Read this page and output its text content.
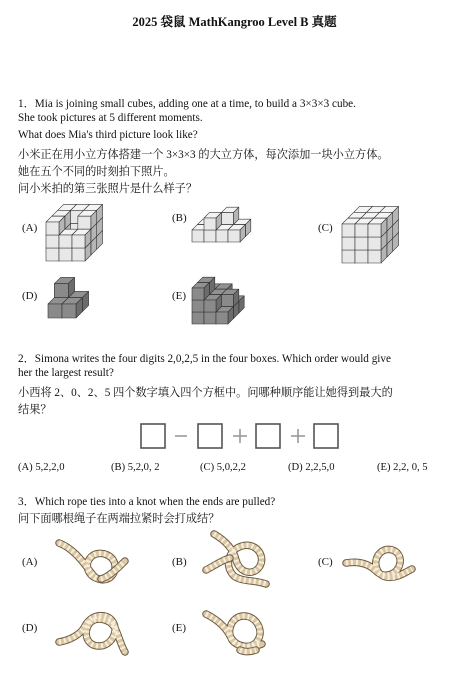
2025 袋鼠 MathKangroo Level B 真题
1．Mia is joining small cubes, adding one at a time, to build a 3×3×3 cube.
She took pictures at 5 different moments.
What does Mia's third picture look like?
小米正在用小立方体搭建一个 3×3×3 的大立方体，每次添加一块小立方体。
她在五个不同的时刻拍下照片。
问小米拍的第三张照片是什么样子？
(A)
(B)
(C)
(D)	(E)
2．Simona writes the four digits 2,0,2,5 in the four boxes. Which order would give
her the largest result?
小西将 2、0、2、5 四个数字填入四个方框中。问哪种顺序能让她得到最大的
结果？
(A) 5,2,2,0	(B) 5,2,0, 2	(C) 5,0,2,2	(D) 2,2,5,0	(E) 2,2, 0, 5
3．Which rope ties into a knot when the ends are pulled?
问下面哪根绳子在两端拉紧时会打成结？
(A)	(B)	(C)
(D)	(E)
